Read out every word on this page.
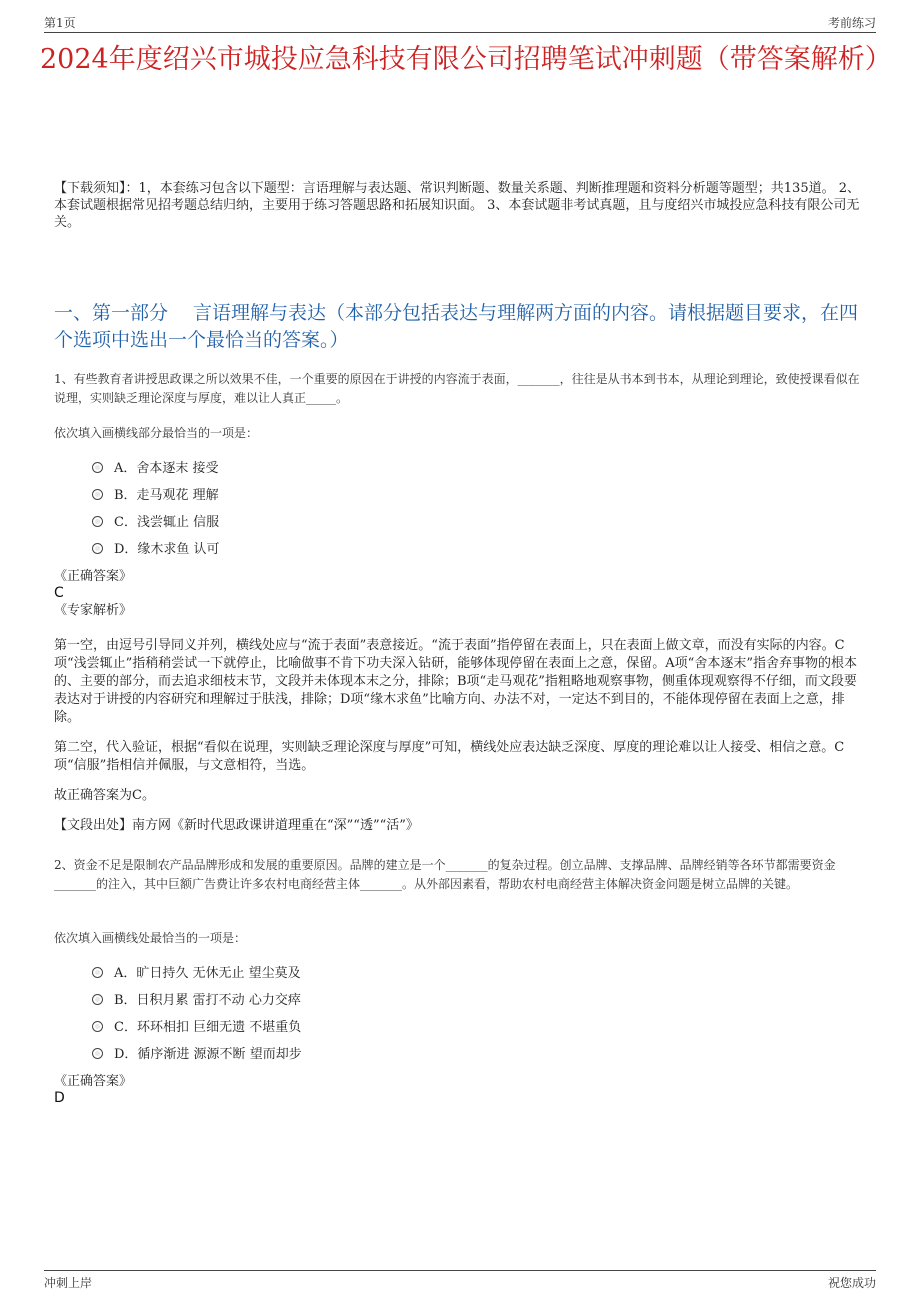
第1页	考前练习
2024年度绍兴市城投应急科技有限公司招聘笔试冲刺题（带答案解析）
【下载须知】：1，本套练习包含以下题型：言语理解与表达题、常识判断题、数量关系题、判断推理题和资料分析题等题型；共135道。 2、本套试题根据常见招考题总结归纳，主要用于练习答题思路和拓展知识面。 3、本套试题非考试真题，且与度绍兴市城投应急科技有限公司无关。
一、第一部分　 言语理解与表达（本部分包括表达与理解两方面的内容。请根据题目要求，在四个选项中选出一个最恰当的答案。）
1、有些教育者讲授思政课之所以效果不佳，一个重要的原因在于讲授的内容流于表面，_______，往往是从书本到书本，从理论到理论，致使授课看似在说理，实则缺乏理论深度与厚度，难以让人真正_____。
依次填入画横线部分最恰当的一项是：
A．舍本逐末 接受
B．走马观花 理解
C．浅尝辄止 信服
D．缘木求鱼 认可
《正确答案》
C
《专家解析》

第一空，由逗号引导同义并列，横线处应与“流于表面”表意接近。“流于表面”指停留在表面上，只在表面上做文章，而没有实际的内容。C项“浅尝辄止”指稍稍尝试一下就停止，比喻做事不肯下功夫深入钻研，能够体现停留在表面上之意，保留。A项“舍本逐末”指舍弃事物的根本的、主要的部分，而去追求细枝末节，文段并未体现本末之分，排除；B项“走马观花”指粗略地观察事物，侧重体现观察得不仔细，而文段要表达对于讲授的内容研究和理解过于肤浅，排除；D项“缘木求鱼”比喻方向、办法不对，一定达不到目的，不能体现停留在表面上之意，排除。

第二空，代入验证，根据“看似在说理，实则缺乏理论深度与厚度”可知，横线处应表达缺乏深度、厚度的理论难以让人接受、相信之意。C项“信服”指相信并佩服，与文意相符，当选。

故正确答案为C。

【文段出处】南方网《新时代思政课讲道理重在“深”“透”“活”》

2、资金不足是限制农产品品牌形成和发展的重要原因。品牌的建立是一个_______的复杂过程。创立品牌、支撑品牌、品牌经销等各环节都需要资金_______的注入，其中巨额广告费让许多农村电商经营主体_______。从外部因素看，帮助农村电商经营主体解决资金问题是树立品牌的关键。
依次填入画横线处最恰当的一项是：
A．旷日持久 无休无止 望尘莫及
B．日积月累 雷打不动 心力交瘁
C．环环相扣 巨细无遗 不堪重负
D．循序渐进 源源不断 望而却步
《正确答案》
D
冲刺上岸	祝您成功
